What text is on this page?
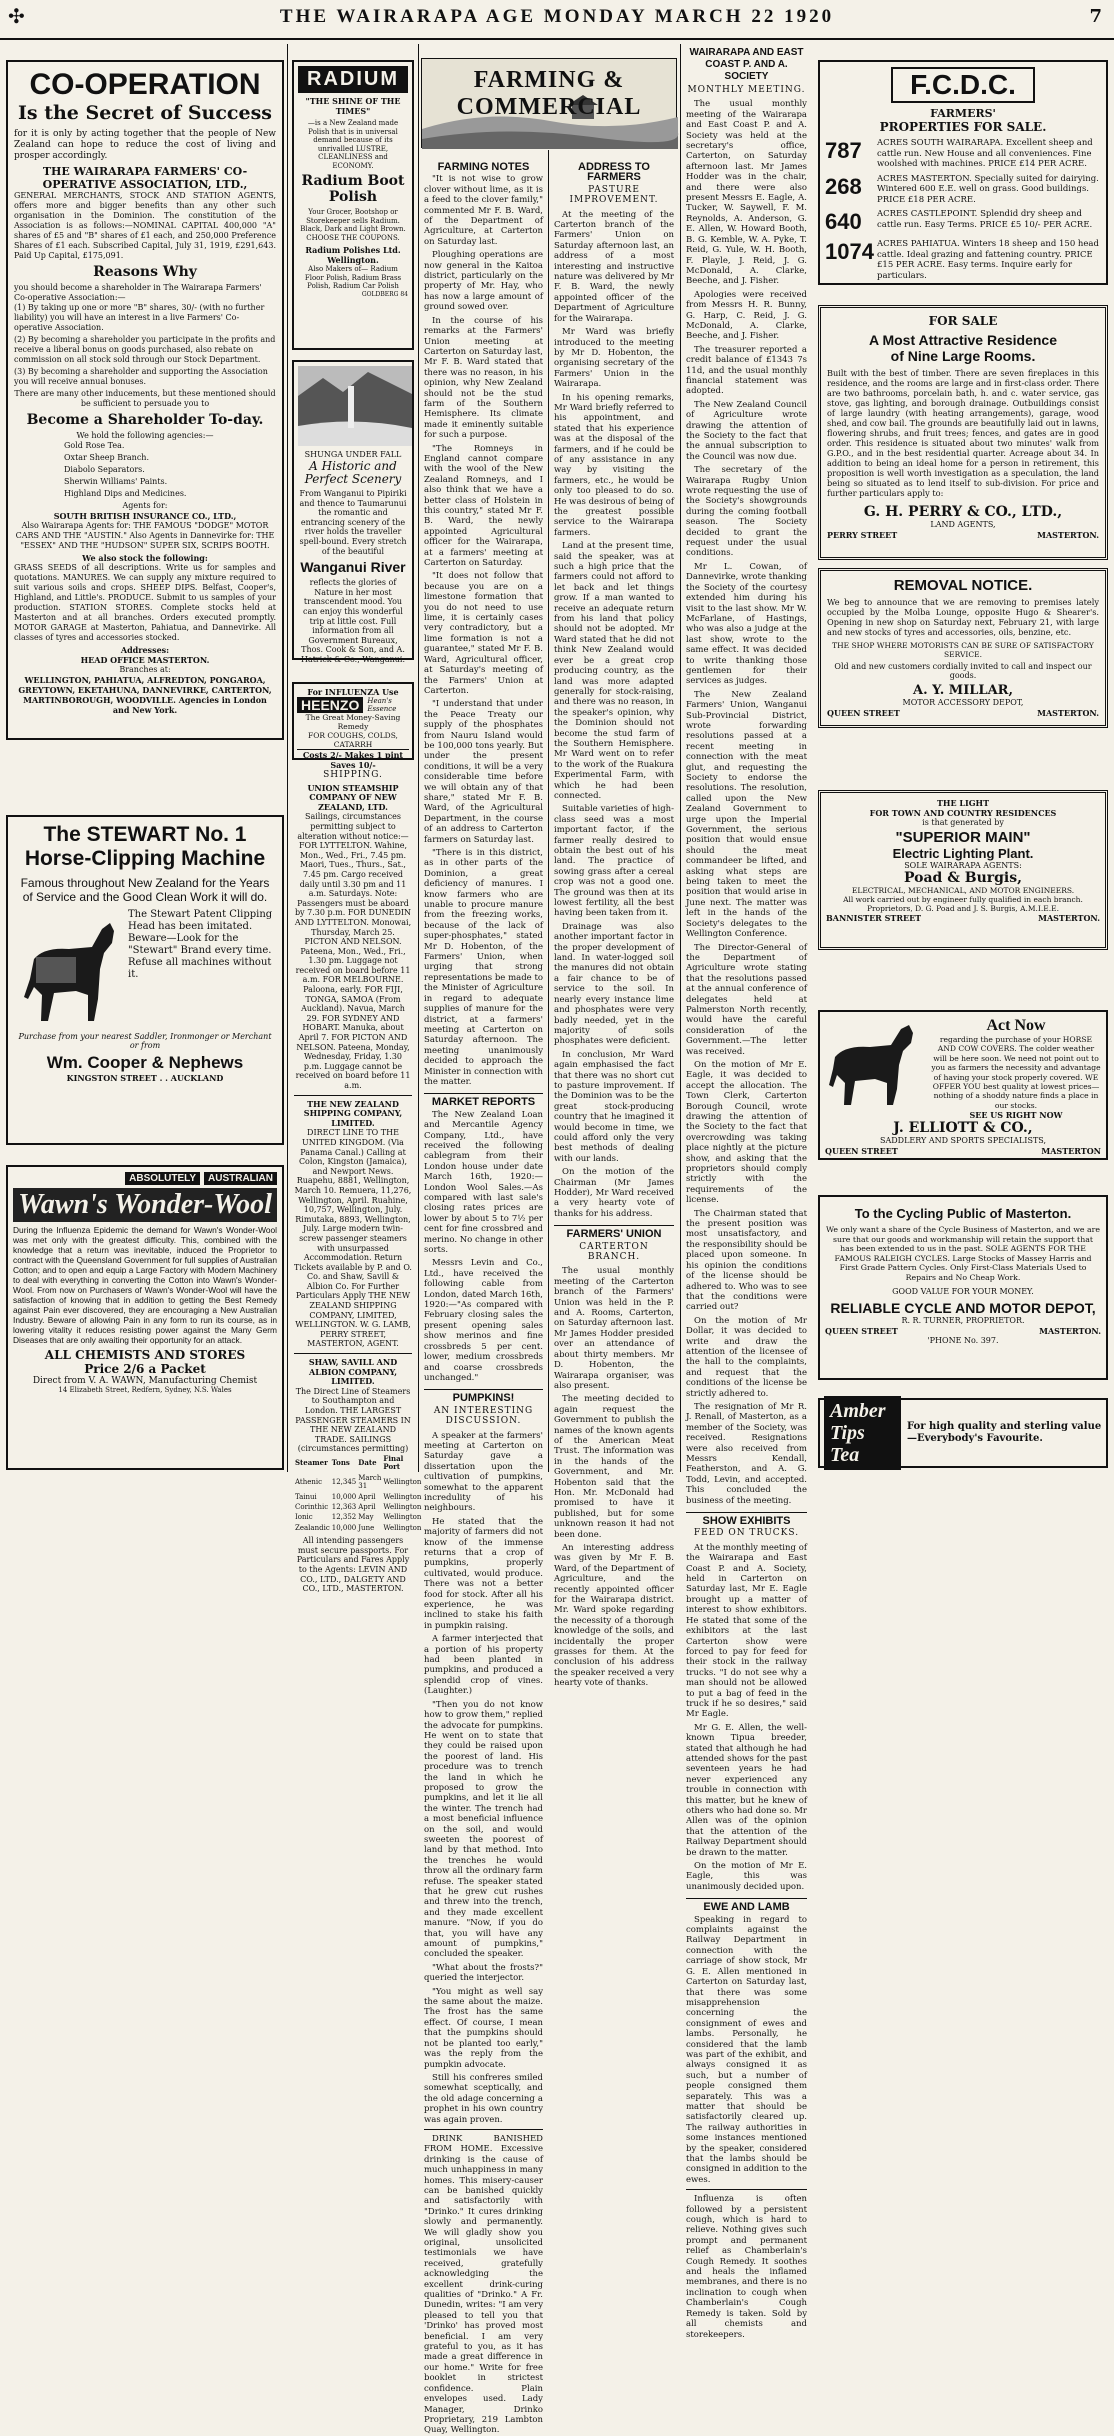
✣	THE WAIRARAPA AGE MONDAY MARCH 22 1920	7
CO-OPERATION
Is the Secret of Success
for it is only by acting together that the people of New Zealand can hope to reduce the cost of living and prosper accordingly.
THE WAIRARAPA FARMERS' CO-OPERATIVE ASSOCIATION, LTD.,
GENERAL MERCHANTS, STOCK AND STATION AGENTS, offers more and bigger benefits than any other such organisation in the Dominion. The constitution of the Association is as follows:—NOMINAL CAPITAL 400,000 "A" shares of £5 and "B" shares of £1 each, and 250,000 Preference Shares of £1 each. Subscribed Capital, July 31, 1919, £291,643. Paid Up Capital, £175,091.
Reasons Why
you should become a shareholder in The Wairarapa Farmers' Co-operative Association:—
(1) By taking up one or more "B" shares, 30/- (with no further liability) you will have an interest in a live Farmers' Co-operative Association.
(2) By becoming a shareholder you participate in the profits and receive a liberal bonus on goods purchased, also rebate on commission on all stock sold through our Stock Department.
(3) By becoming a shareholder and supporting the Association you will receive annual bonuses.
There are many other inducements, but these mentioned should be sufficient to persuade you to
Become a Shareholder To-day.
We hold the following agencies:—
Gold Rose Tea.
Oxtar Sheep Branch.
Diabolo Separators.
Sherwin Williams' Paints.
Highland Dips and Medicines.
Agents for:
SOUTH BRITISH INSURANCE CO., LTD.,
Also Wairarapa Agents for: THE FAMOUS "DODGE" MOTOR CARS AND THE "AUSTIN." Also Agents in Dannevirke for: THE "ESSEX" AND THE "HUDSON" SUPER SIX, SCRIPS BOOTH.
We also stock the following:
GRASS SEEDS of all descriptions. Write us for samples and quotations. MANURES. We can supply any mixture required to suit various soils and crops. SHEEP DIPS. Belfast, Cooper's, Highland, and Little's. PRODUCE. Submit to us samples of your production. STATION STORES. Complete stocks held at Masterton and at all branches. Orders executed promptly. MOTOR GARAGE at Masterton, Pahiatua, and Dannevirke. All classes of tyres and accessories stocked.
Addresses:
HEAD OFFICE MASTERTON.
Branches at:
WELLINGTON, PAHIATUA, ALFREDTON, PONGAROA, GREYTOWN, EKETAHUNA, DANNEVIRKE, CARTERTON, MARTINBOROUGH, WOODVILLE. Agencies in London and New York.
The STEWART No. 1
Horse-Clipping Machine
Famous throughout New Zealand for the Years of Service and the Good Clean Work it will do.
The Stewart Patent Clipping Head has been imitated. Beware—Look for the "Stewart" Brand every time. Refuse all machines without it.
Purchase from your nearest Saddler, Ironmonger or Merchant or from
Wm. Cooper & Nephews
KINGSTON STREET . . AUCKLAND
ABSOLUTELY	AUSTRALIAN
Wawn's Wonder-Wool
During the Influenza Epidemic the demand for Wawn's Wonder-Wool was met only with the greatest difficulty. This, combined with the knowledge that a return was inevitable, induced the Proprietor to contract with the Queensland Government for full supplies of Australian Cotton; and to open and equip a Large Factory with Modern Machinery to deal with everything in converting the Cotton into Wawn's Wonder-Wool. From now on Purchasers of Wawn's Wonder-Wool will have the satisfaction of knowing that in addition to getting the Best Remedy against Pain ever discovered, they are encouraging a New Australian Industry. Beware of allowing Pain in any form to run its course, as in lowering vitality it reduces resisting power against the Many Germ Diseases that are only awaiting their opportunity for an attack.
ALL CHEMISTS AND STORES
Price 2/6 a Packet
Direct from V. A. WAWN, Manufacturing Chemist
14 Elizabeth Street, Redfern, Sydney, N.S. Wales
RADIUM
"THE SHINE OF THE TIMES"
—is a New Zealand made Polish that is in universal demand because of its unrivalled LUSTRE, CLEANLINESS and ECONOMY.
Radium Boot Polish
Your Grocer, Bootshop or Storekeeper sells Radium. Black, Dark and Light Brown. CHOOSE THE COUPONS.
Radium Polishes Ltd. Wellington.
Also Makers of— Radium Floor Polish, Radium Brass Polish, Radium Car Polish
GOLDBERG 84
SHUNGA UNDER FALL
A Historic and Perfect Scenery
From Wanganui to Pipiriki and thence to Taumarunui the romantic and entrancing scenery of the river holds the traveller spell-bound. Every stretch of the beautiful
Wanganui River
reflects the glories of Nature in her most transcendent mood. You can enjoy this wonderful trip at little cost. Full information from all Government Bureaux, Thos. Cook & Son, and A. Hatrick & Co., Wanganui.
For INFLUENZA Use
HEENZO	Hean's Essence
The Great Money-Saving Remedy
FOR COUGHS, COLDS, CATARRH
Costs 2/- Makes 1 pint Saves 10/-
SHIPPING.
UNION STEAMSHIP COMPANY OF NEW ZEALAND, LTD.
Sailings, circumstances permitting subject to alteration without notice:— FOR LYTTELTON. Wahine, Mon., Wed., Fri., 7.45 pm. Maori, Tues., Thurs., Sat., 7.45 pm. Cargo received daily until 3.30 pm and 11 a.m. Saturdays. Note: Passengers must be aboard by 7.30 p.m. FOR DUNEDIN AND LYTTELTON. Monowai, Thursday, March 25. PICTON AND NELSON. Pateena, Mon., Wed., Fri., 1.30 pm. Luggage not received on board before 11 a.m. FOR MELBOURNE. Paloona, early. FOR FIJI, TONGA, SAMOA (From Auckland). Navua, March 29. FOR SYDNEY AND HOBART. Manuka, about April 7. FOR PICTON AND NELSON. Pateena, Monday, Wednesday, Friday, 1.30 p.m. Luggage cannot be received on board before 11 a.m.
THE NEW ZEALAND SHIPPING COMPANY, LIMITED.
DIRECT LINE TO THE UNITED KINGDOM. (Via Panama Canal.) Calling at Colon, Kingston (Jamaica), and Newport News. Ruapehu, 8881, Wellington, March 10. Remuera, 11,276, Wellington, April. Ruahine, 10,757, Wellington, July. Rimutaka, 8893, Wellington, July. Large modern twin-screw passenger steamers with unsurpassed Accommodation. Return Tickets available by P. and O. Co. and Shaw, Savill & Albion Co. For Further Particulars Apply THE NEW ZEALAND SHIPPING COMPANY, LIMITED, WELLINGTON. W. G. LAMB, PERRY STREET, MASTERTON, AGENT.
SHAW, SAVILL AND ALBION COMPANY, LIMITED.
The Direct Line of Steamers to Southampton and London. THE LARGEST PASSENGER STEAMERS IN THE NEW ZEALAND TRADE. SAILINGS (circumstances permitting)
Steamer	Tons	Date	Final Port
Athenic	12,345	March 31	Wellington
Tainui	10,000	April	Wellington
Corinthic	12,363	April	Wellington
Ionic	12,352	May	Wellington
Zealandic	10,000	June	Wellington
All intending passengers must secure passports. For Particulars and Fares Apply to the Agents: LEVIN AND CO., LTD., DALGETY AND CO., LTD., MASTERTON.
FARMING & COMMERCIAL
FARMING NOTES

"It is not wise to grow clover without lime, as it is a feed to the clover family," commented Mr F. B. Ward, of the Department of Agriculture, at Carterton on Saturday last.

Ploughing operations are now general in the Kaitoa district, particularly on the property of Mr. Hay, who has now a large amount of ground sowed over.

In the course of his remarks at the Farmers' Union meeting at Carterton on Saturday last, Mr F. B. Ward stated that there was no reason, in his opinion, why New Zealand should not be the stud farm of the Southern Hemisphere. Its climate made it eminently suitable for such a purpose.

"The Romneys in England cannot compare with the wool of the New Zealand Romneys, and I also think that we have a better class of Holstein in this country," stated Mr F. B. Ward, the newly appointed Agricultural officer for the Wairarapa, at a farmers' meeting at Carterton on Saturday.

"It does not follow that because you are on a limestone formation that you do not need to use lime, it is certainly cases very contradictory, but a lime formation is not a guarantee," stated Mr F. B. Ward, Agricultural officer, at Saturday's meeting of the Farmers' Union at Carterton.

"I understand that under the Peace Treaty our supply of the phosphates from Nauru Island would be 100,000 tons yearly. But under the present conditions, it will be a very considerable time before we will obtain any of that share," stated Mr F. B. Ward, of the Agricultural Department, in the course of an address to Carterton farmers on Saturday last.

"There is in this district, as in other parts of the Dominion, a great deficiency of manures. I know farmers who are unable to procure manure from the freezing works, because of the lack of super-phosphates," stated Mr D. Hobenton, of the Farmers' Union, when urging that strong representations be made to the Minister of Agriculture in regard to adequate supplies of manure for the district, at a farmers' meeting at Carterton on Saturday afternoon. The meeting unanimously decided to approach the Minister in connection with the matter.

MARKET REPORTS

The New Zealand Loan and Mercantile Agency Company, Ltd., have received the following cablegram from their London house under date March 16th, 1920:—London Wool Sales.—As compared with last sale's closing rates prices are lower by about 5 to 7½ per cent for fine crossbred and merino. No change in other sorts.

Messrs Levin and Co., Ltd., have received the following cable from London, dated March 16th, 1920:—"As compared with February closing sales the present opening sales show merinos and fine crossbreds 5 per cent. lower, medium crossbreds and coarse crossbreds unchanged."

PUMPKINS!
AN INTERESTING DISCUSSION.

A speaker at the farmers' meeting at Carterton on Saturday gave a dissertation upon the cultivation of pumpkins, somewhat to the apparent incredulity of his neighbours.

He stated that the majority of farmers did not know of the immense returns that a crop of pumpkins, properly cultivated, would produce. There was not a better food for stock. After all his experience, he was inclined to stake his faith in pumpkin raising.

A farmer interjected that a portion of his property had been planted in pumpkins, and produced a splendid crop of vines. (Laughter.)

"Then you do not know how to grow them," replied the advocate for pumpkins. He went on to state that they could be raised upon the poorest of land. His procedure was to trench the land in which he proposed to grow the pumpkins, and let it lie all the winter. The trench had a most beneficial influence on the soil, and would sweeten the poorest of land by that method. Into the trenches he would throw all the ordinary farm refuse. The speaker stated that he grew cut rushes and threw into the trench, and they made excellent manure. "Now, if you do that, you will have any amount of pumpkins," concluded the speaker.

"What about the frosts?" queried the interjector.

"You might as well say the same about the maize. The frost has the same effect. Of course, I mean that the pumpkins should not be planted too early," was the reply from the pumpkin advocate.

Still his confreres smiled somewhat sceptically, and the old adage concerning a prophet in his own country was again proven.

DRINK BANISHED FROM HOME. Excessive drinking is the cause of much unhappiness in many homes. This misery-causer can be banished quickly and satisfactorily with "Drinko." It cures drinking slowly and permanently. We will gladly show you original, unsolicited testimonials we have received, gratefully acknowledging the excellent drink-curing qualities of "Drinko." A Fr. Dunedin, writes: "I am very pleased to tell you that 'Drinko' has proved most beneficial. I am very grateful to you, as it has made a great difference in our home." Write for free booklet in strictest confidence. Plain envelopes used. Lady Manager, Drinko Proprietary, 219 Lambton Quay, Wellington.

ADDRESS TO FARMERS
PASTURE IMPROVEMENT.

At the meeting of the Carterton branch of the Farmers' Union on Saturday afternoon last, an address of a most interesting and instructive nature was delivered by Mr F. B. Ward, the newly appointed officer of the Department of Agriculture for the Wairarapa.

Mr Ward was briefly introduced to the meeting by Mr D. Hobenton, the organising secretary of the Farmers' Union in the Wairarapa.

In his opening remarks, Mr Ward briefly referred to his appointment, and stated that his experience was at the disposal of the farmers, and if he could be of any assistance in any way by visiting the farmers, etc., he would be only too pleased to do so. He was desirous of being of the greatest possible service to the Wairarapa farmers.

Land at the present time, said the speaker, was at such a high price that the farmers could not afford to let back and let things grow. If a man wanted to receive an adequate return from his land that policy should not be adopted. Mr Ward stated that he did not think New Zealand would ever be a great crop producing country, as the land was more adapted generally for stock-raising, and there was no reason, in the speaker's opinion, why the Dominion should not become the stud farm of the Southern Hemisphere. Mr Ward went on to refer to the work of the Ruakura Experimental Farm, with which he had been connected.

Suitable varieties of high-class seed was a most important factor, if the farmer really desired to obtain the best out of his land. The practice of sowing grass after a cereal crop was not a good one. The ground was then at its lowest fertility, all the best having been taken from it.

Drainage was also another important factor in the proper development of land. In water-logged soil the manures did not obtain a fair chance to be of service to the soil. In nearly every instance lime and phosphates were very badly needed, yet in the majority of soils phosphates were deficient.

In conclusion, Mr Ward again emphasised the fact that there was no short cut to pasture improvement. If the Dominion was to be the great stock-producing country that he imagined it would become in time, we could afford only the very best methods of dealing with our lands.

On the motion of the Chairman (Mr James Hodder), Mr Ward received a very hearty vote of thanks for his address.

FARMERS' UNION
CARTERTON BRANCH.

The usual monthly meeting of the Carterton branch of the Farmers' Union was held in the P. and A. Rooms, Carterton, on Saturday afternoon last. Mr James Hodder presided over an attendance of about thirty members. Mr D. Hobenton, the Wairarapa organiser, was also present.

The meeting decided to again request the Government to publish the names of the known agents of the American Meat Trust. The information was in the hands of the Government, and Mr. Hobenton said that the Hon. Mr. McDonald had promised to have it published, but for some unknown reason it had not been done.

An interesting address was given by Mr F. B. Ward, of the Department of Agriculture, and the recently appointed officer for the Wairarapa district. Mr. Ward spoke regarding the necessity of a thorough knowledge of the soils, and incidentally the proper grasses for them. At the conclusion of his address the speaker received a very hearty vote of thanks.

WAIRARAPA AND EAST COAST P. AND A. SOCIETY
MONTHLY MEETING.

The usual monthly meeting of the Wairarapa and East Coast P. and A. Society was held at the secretary's office, Carterton, on Saturday afternoon last. Mr James Hodder was in the chair, and there were also present Messrs E. Eagle, A. Tucker, W. Saywell, F. M. Reynolds, A. Anderson, G. E. Allen, W. Howard Booth, B. G. Kemble, W. A. Pyke, T. Reid, G. Yule, W. H. Booth, F. Playle, J. Reid, J. G. McDonald, A. Clarke, Beeche, and J. Fisher.

Apologies were received from Messrs H. R. Bunny, G. Harp, C. Reid, J. G. McDonald, A. Clarke, Beeche, and J. Fisher.

The treasurer reported a credit balance of £1343 7s 11d, and the usual monthly financial statement was adopted.

The New Zealand Council of Agriculture wrote drawing the attention of the Society to the fact that the annual subscription to the Council was now due.

The secretary of the Wairarapa Rugby Union wrote requesting the use of the Society's showgrounds during the coming football season. The Society decided to grant the request under the usual conditions.

Mr L. Cowan, of Dannevirke, wrote thanking the Society of the courtesy extended him during his visit to the last show. Mr W. McFarlane, of Hastings, who was also a judge at the last show, wrote to the same effect. It was decided to write thanking those gentlemen for their services as judges.

The New Zealand Farmers' Union, Wanganui Sub-Provincial District, wrote forwarding resolutions passed at a recent meeting in connection with the meat glut, and requesting the Society to endorse the resolutions. The resolution, called upon the New Zealand Government to urge upon the Imperial Government, the serious position that would ensue should the meat commandeer be lifted, and asking what steps are being taken to meet the position that would arise in June next. The matter was left in the hands of the Society's delegates to the Wellington Conference.

The Director-General of the Department of Agriculture wrote stating that the resolutions passed at the annual conference of delegates held at Palmerston North recently, would have the careful consideration of the Government.—The letter was received.

On the motion of Mr E. Eagle, it was decided to accept the allocation. The Town Clerk, Carterton Borough Council, wrote drawing the attention of the Society to the fact that overcrowding was taking place nightly at the picture show, and asking that the proprietors should comply strictly with the requirements of the license.

The Chairman stated that the present position was most unsatisfactory, and the responsibility should be placed upon someone. In his opinion the conditions of the license should be adhered to. Who was to see that the conditions were carried out?

On the motion of Mr Dollar, it was decided to write and draw the attention of the licensee of the hall to the complaints, and request that the conditions of the license be strictly adhered to.

The resignation of Mr R. J. Renall, of Masterton, as a member of the Society, was received. Resignations were also received from Messrs Kendall, Featherston, and A. G. Todd, Levin, and accepted. This concluded the business of the meeting.

SHOW EXHIBITS
FEED ON TRUCKS.

At the monthly meeting of the Wairarapa and East Coast P. and A. Society, held in Carterton on Saturday last, Mr E. Eagle brought up a matter of interest to show exhibitors. He stated that some of the exhibitors at the last Carterton show were forced to pay for feed for their stock in the railway trucks. "I do not see why a man should not be allowed to put a bag of feed in the truck if he so desires," said Mr Eagle.

Mr G. E. Allen, the well-known Tipua breeder, stated that although he had attended shows for the past seventeen years he had never experienced any trouble in connection with this matter, but he knew of others who had done so. Mr Allen was of the opinion that the attention of the Railway Department should be drawn to the matter.

On the motion of Mr E. Eagle, this was unanimously decided upon.

EWE AND LAMB

Speaking in regard to complaints against the Railway Department in connection with the carriage of show stock, Mr G. E. Allen mentioned in Carterton on Saturday last, that there was some misapprehension concerning the consignment of ewes and lambs. Personally, he considered that the lamb was part of the exhibit, and always consigned it as such, but a number of people consigned them separately. This was a matter that should be satisfactorily cleared up. The railway authorities in some instances mentioned by the speaker, considered that the lambs should be consigned in addition to the ewes.

Influenza is often followed by a persistent cough, which is hard to relieve. Nothing gives such prompt and permanent relief as Chamberlain's Cough Remedy. It soothes and heals the inflamed membranes, and there is no inclination to cough when Chamberlain's Cough Remedy is taken. Sold by all chemists and storekeepers.

F.C.D.C.
FARMERS'
PROPERTIES FOR SALE.
787	ACRES SOUTH WAIRARAPA. Excellent sheep and cattle run. New House and all conveniences. Fine woolshed with machines. PRICE £14 PER ACRE.
268	ACRES MASTERTON. Specially suited for dairying. Wintered 600 E.E. well on grass. Good buildings. PRICE £18 PER ACRE.
640	ACRES CASTLEPOINT. Splendid dry sheep and cattle run. Easy Terms. PRICE £5 10/- PER ACRE.
1074 ACRES PAHIATUA. Winters 18 sheep and 150 head cattle. Ideal grazing and fattening country. PRICE £15 PER ACRE. Easy terms. Inquire early for particulars.
FOR SALE
A Most Attractive Residence
of Nine Large Rooms.
Built with the best of timber. There are seven fireplaces in this residence, and the rooms are large and in first-class order. There are two bathrooms, porcelain bath, h. and c. water service, gas stove, gas lighting, and borough drainage. Outbuildings consist of large laundry (with heating arrangements), garage, wood shed, and cow bail. The grounds are beautifully laid out in lawns, flowering shrubs, and fruit trees; fences, and gates are in good order. This residence is situated about two minutes' walk from G.P.O., and in the best residential quarter. Acreage about 34. In addition to being an ideal home for a person in retirement, this proposition is well worth investigation as a speculation, the land being so situated as to lend itself to sub-division. For price and further particulars apply to:
G. H. PERRY & CO., LTD.,
LAND AGENTS,
PERRY STREET	MASTERTON.
REMOVAL NOTICE.
We beg to announce that we are removing to premises lately occupied by the Molba Lounge, opposite Hugo & Shearer's. Opening in new shop on Saturday next, February 21, with large and new stocks of tyres and accessories, oils, benzine, etc.
THE SHOP WHERE MOTORISTS CAN BE SURE OF SATISFACTORY SERVICE.
Old and new customers cordially invited to call and inspect our goods.
A. Y. MILLAR,
MOTOR ACCESSORY DEPOT,
QUEEN STREET	MASTERTON.
THE LIGHT
FOR TOWN AND COUNTRY RESIDENCES
is that generated by
"SUPERIOR MAIN"
Electric Lighting Plant.
SOLE WAIRARAPA AGENTS:
Poad & Burgis,
ELECTRICAL, MECHANICAL, AND MOTOR ENGINEERS.
All work carried out by engineer fully qualified in each branch. Proprietors, D. G. Poad and J. S. Burgis, A.M.I.E.E.
BANNISTER STREET	MASTERTON.
Act Now
regarding the purchase of your HORSE AND COW COVERS. The colder weather will be here soon. We need not point out to you as farmers the necessity and advantage of having your stock properly covered. WE OFFER YOU best quality at lowest prices—nothing of a shoddy nature finds a place in our stocks.
SEE US RIGHT NOW
J. ELLIOTT & CO.,
SADDLERY AND SPORTS SPECIALISTS,
QUEEN STREET	MASTERTON
To the Cycling Public of Masterton.
We only want a share of the Cycle Business of Masterton, and we are sure that our goods and workmanship will retain the support that has been extended to us in the past. SOLE AGENTS FOR THE FAMOUS RALEIGH CYCLES. Large Stocks of Massey Harris and First Grade Pattern Cycles. Only First-Class Materials Used to Repairs and No Cheap Work.
GOOD VALUE FOR YOUR MONEY.
RELIABLE CYCLE AND MOTOR DEPOT,
R. R. TURNER, PROPRIETOR.
QUEEN STREET	MASTERTON.
'PHONE No. 397.
Amber Tips Tea
For high quality and sterling value—Everybody's Favourite.
